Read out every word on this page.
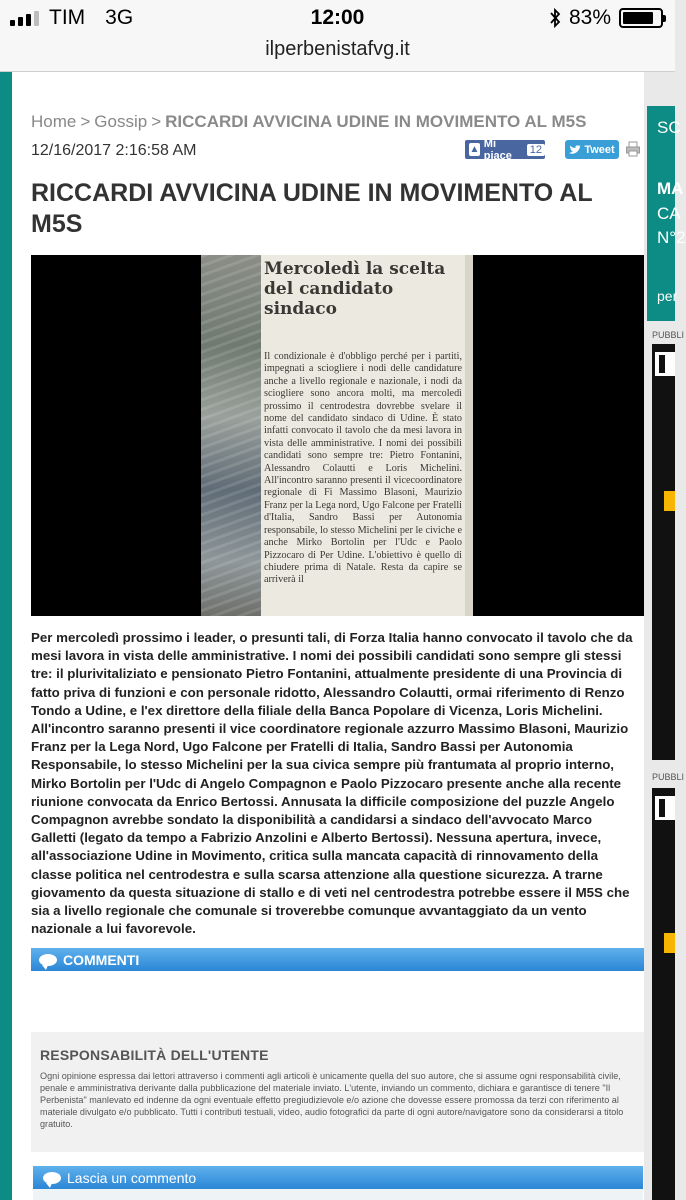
TIM 3G	12:00	83%
ilperbenistafvg.it
Home > Gossip > RICCARDI AVVICINA UDINE IN MOVIMENTO AL M5S
12/16/2017 2:16:58 AM	▲ Mi piace	12	Tweet
RICCARDI AVVICINA UDINE IN MOVIMENTO AL M5S
Mercoledì la scelta del candidato sindaco
Il condizionale è d'obbligo perché per i partiti, impegnati a sciogliere i nodi delle candidature anche a livello regionale e nazionale, i nodi da sciogliere sono ancora molti, ma mercoledì prossimo il centrodestra dovrebbe svelare il nome del candidato sindaco di Udine. È stato infatti convocato il tavolo che da mesi lavora in vista delle amministrative. I nomi dei possibili candidati sono sempre tre: Pietro Fontanini, Alessandro Colautti e Loris Michelini. All'incontro saranno presenti il vicecoordinatore regionale di Fi Massimo Blasoni, Maurizio Franz per la Lega nord, Ugo Falcone per Fratelli d'Italia, Sandro Bassi per Autonomia responsabile, lo stesso Michelini per le civiche e anche Mirko Bortolin per l'Udc e Paolo Pizzocaro di Per Udine. L'obiettivo è quello di chiudere prima di Natale. Resta da capire se arriverà il
Per mercoledì prossimo i leader, o presunti tali, di Forza Italia hanno convocato il tavolo che da mesi lavora in vista delle amministrative. I nomi dei possibili candidati sono sempre gli stessi tre: il plurivitaliziato e pensionato Pietro Fontanini, attualmente presidente di una Provincia di fatto priva di funzioni e con personale ridotto, Alessandro Colautti, ormai riferimento di Renzo Tondo a Udine, e l'ex direttore della filiale della Banca Popolare di Vicenza, Loris Michelini. All'incontro saranno presenti il vice coordinatore regionale azzurro Massimo Blasoni, Maurizio Franz per la Lega Nord, Ugo Falcone per Fratelli di Italia, Sandro Bassi per Autonomia Responsabile, lo stesso Michelini per la sua civica sempre più frantumata al proprio interno, Mirko Bortolin per l'Udc di Angelo Compagnon e Paolo Pizzocaro presente anche alla recente riunione convocata da Enrico Bertossi. Annusata la difficile composizione del puzzle Angelo Compagnon avrebbe sondato la disponibilità a candidarsi a sindaco dell'avvocato Marco Galletti (legato da tempo a Fabrizio Anzolini e Alberto Bertossi). Nessuna apertura, invece, all'associazione Udine in Movimento, critica sulla mancata capacità di rinnovamento della classe politica nel centrodestra e sulla scarsa attenzione alla questione sicurezza. A trarne giovamento da questa situazione di stallo e di veti nel centrodestra potrebbe essere il M5S che sia a livello regionale che comunale si troverebbe comunque avvantaggiato da un vento nazionale a lui favorevole.
COMMENTI
RESPONSABILITÀ DELL'UTENTE
Ogni opinione espressa dai lettori attraverso i commenti agli articoli è unicamente quella del suo autore, che si assume ogni responsabilità civile, penale e amministrativa derivante dalla pubblicazione del materiale inviato. L'utente, inviando un commento, dichiara e garantisce di tenere "Il Perbenista" manlevato ed indenne da ogni eventuale effetto pregiudizievole e/o azione che dovesse essere promossa da terzi con riferimento al materiale divulgato e/o pubblicato. Tutti i contributi testuali, video, audio fotografici da parte di ogni autore/navigatore sono da considerarsi a titolo gratuito.
Lascia un commento
SC
MA
CA
N°2
per
PUBBLI
PUBBLI
